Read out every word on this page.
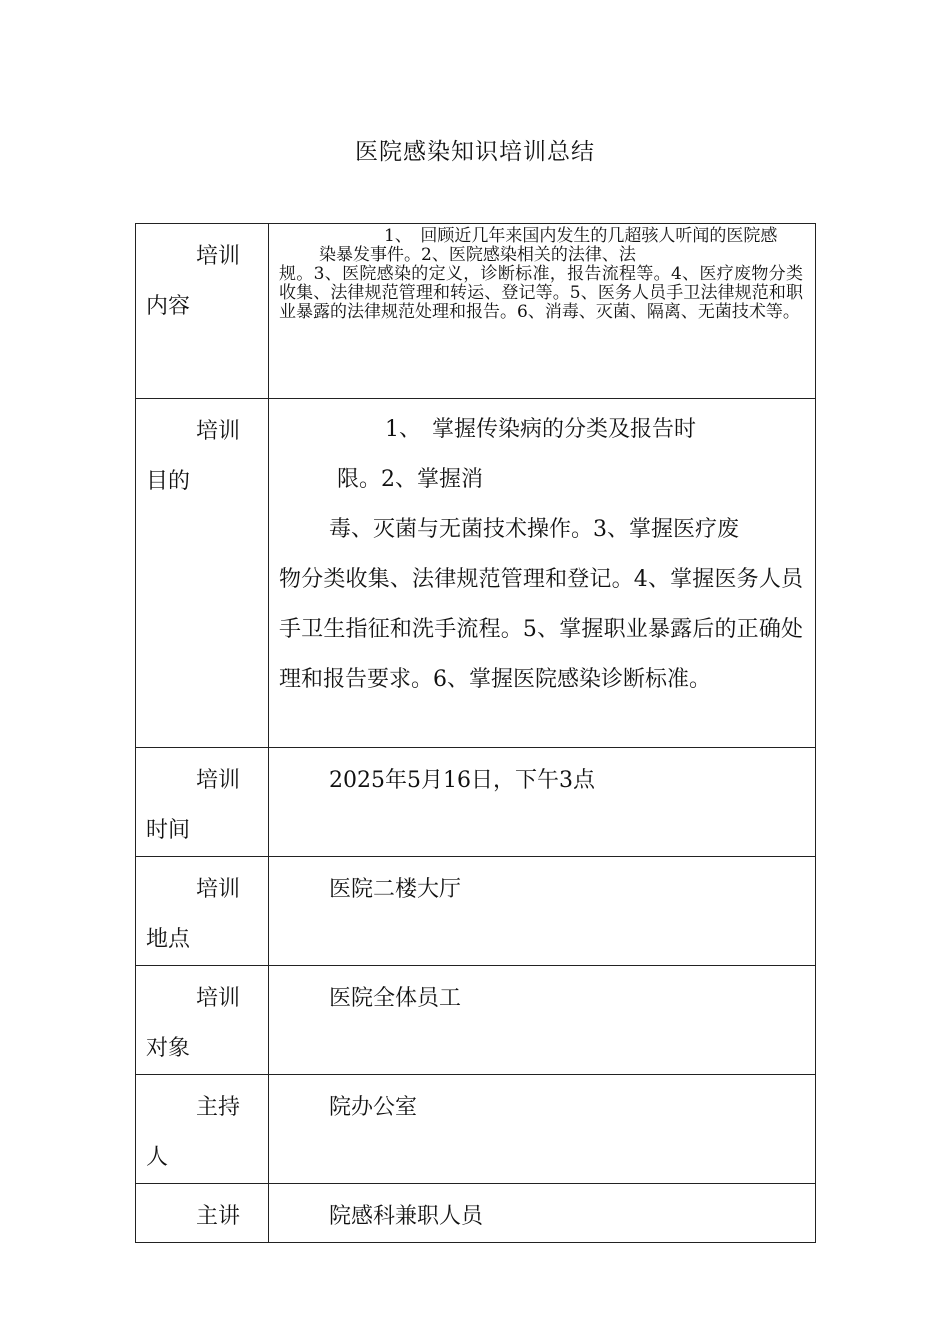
医院感染知识培训总结
培训
内容	1、　回顾近几年来国内发生的几超骇人听闻的医院感
染暴发事件。2、医院感染相关的法律、法
规。3、医院感染的定义，诊断标准，报告流程等。4、医疗废物分类收集、法律规范管理和转运、登记等。5、医务人员手卫法律规范和职业暴露的法律规范处理和报告。6、消毒、灭菌、隔离、无菌技术等。

培训
目的	1、　掌握传染病的分类及报告时
限。2、掌握消
毒、灭菌与无菌技术操作。3、掌握医疗废
物分类收集、法律规范管理和登记。4、掌握医务人员手卫生指征和洗手流程。5、掌握职业暴露后的正确处理和报告要求。6、掌握医院感染诊断标准。

培训
时间	2025年5月16日，下午3点

培训
地点	医院二楼大厅

培训
对象	医院全体员工

主持
人	院办公室

主讲	院感科兼职人员
